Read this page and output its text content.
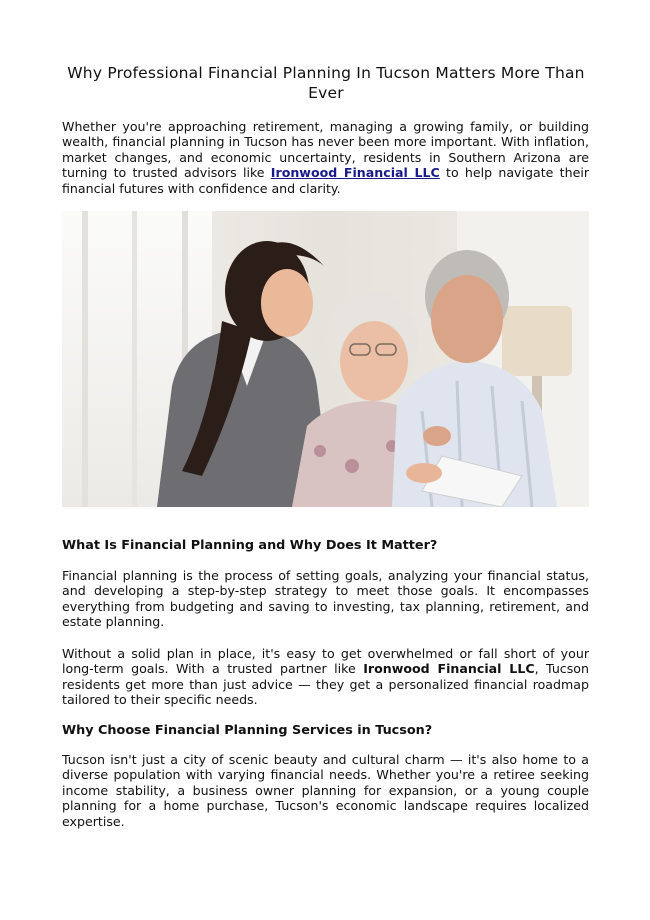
Why Professional Financial Planning In Tucson Matters More Than Ever

Whether you're approaching retirement, managing a growing family, or building wealth, financial planning in Tucson has never been more important. With inflation, market changes, and economic uncertainty, residents in Southern Arizona are turning to trusted advisors like Ironwood Financial LLC to help navigate their financial futures with confidence and clarity.

What Is Financial Planning and Why Does It Matter?

Financial planning is the process of setting goals, analyzing your financial status, and developing a step-by-step strategy to meet those goals. It encompasses everything from budgeting and saving to investing, tax planning, retirement, and estate planning.

Without a solid plan in place, it's easy to get overwhelmed or fall short of your long-term goals. With a trusted partner like Ironwood Financial LLC, Tucson residents get more than just advice — they get a personalized financial roadmap tailored to their specific needs.

Why Choose Financial Planning Services in Tucson?

Tucson isn't just a city of scenic beauty and cultural charm — it's also home to a diverse population with varying financial needs. Whether you're a retiree seeking income stability, a business owner planning for expansion, or a young couple planning for a home purchase, Tucson's economic landscape requires localized expertise.
